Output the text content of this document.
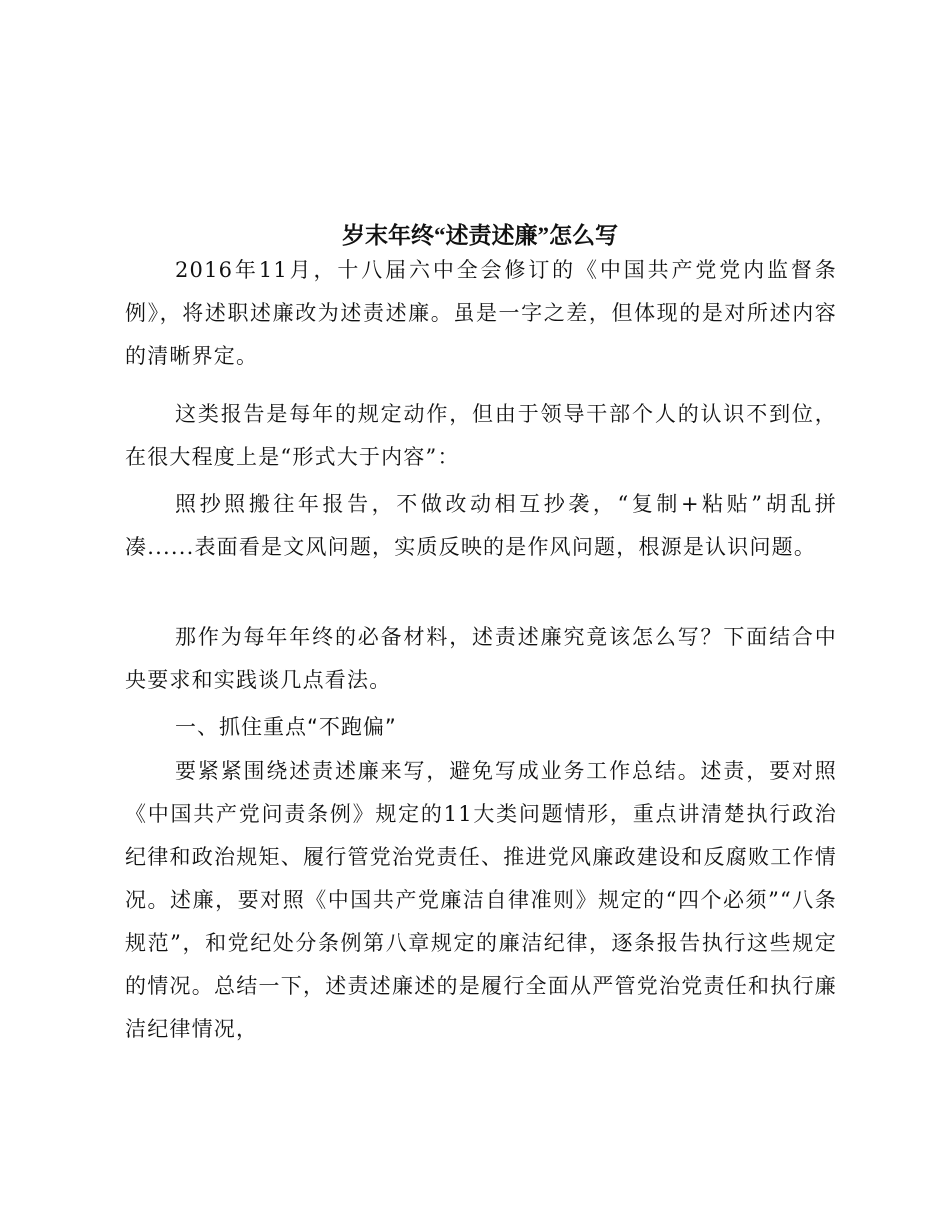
岁末年终“述责述廉”怎么写

2016年11月，十八届六中全会修订的《中国共产党党内监督条例》，将述职述廉改为述责述廉。虽是一字之差，但体现的是对所述内容的清晰界定。

这类报告是每年的规定动作，但由于领导干部个人的认识不到位，在很大程度上是“形式大于内容”：

照抄照搬往年报告，不做改动相互抄袭，“复制+粘贴”胡乱拼凑......表面看是文风问题，实质反映的是作风问题，根源是认识问题。

那作为每年年终的必备材料，述责述廉究竟该怎么写？下面结合中央要求和实践谈几点看法。

一、抓住重点“不跑偏”

要紧紧围绕述责述廉来写，避免写成业务工作总结。述责，要对照《中国共产党问责条例》规定的11大类问题情形，重点讲清楚执行政治纪律和政治规矩、履行管党治党责任、推进党风廉政建设和反腐败工作情况。述廉，要对照《中国共产党廉洁自律准则》规定的“四个必须”“八条规范”，和党纪处分条例第八章规定的廉洁纪律，逐条报告执行这些规定的情况。总结一下，述责述廉述的是履行全面从严管党治党责任和执行廉洁纪律情况，
